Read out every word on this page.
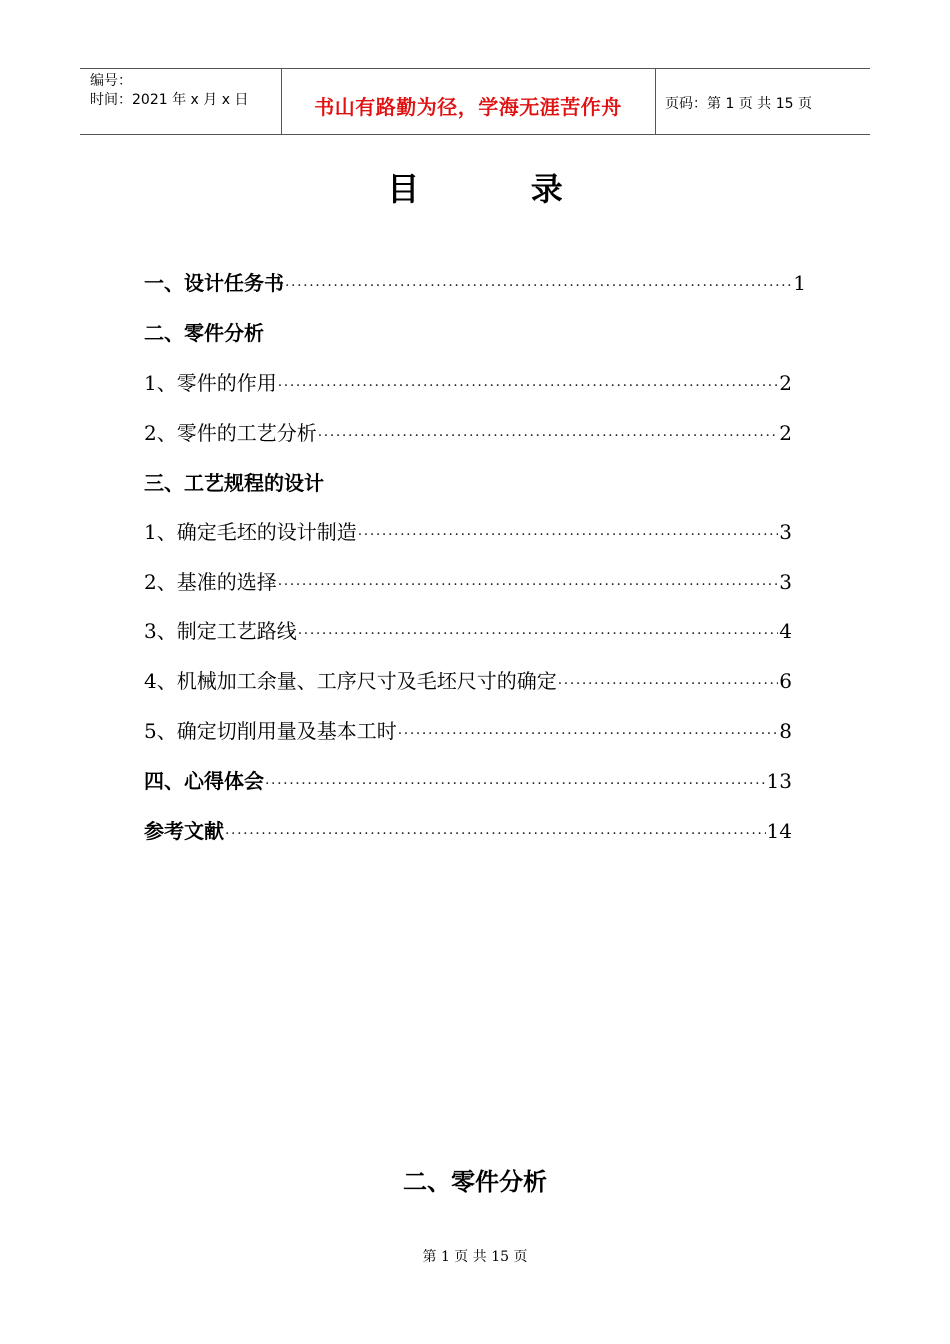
编号：
时间：2021 年 x 月 x 日	书山有路勤为径，学海无涯苦作舟	页码：第 1 页 共 15 页
目          录
一、设计任务书 ·····	1
二、零件分析
1、零件的作用 ·····	2
2、零件的工艺分析 ·····	2
三、工艺规程的设计
1、确定毛坯的设计制造 ·····	3
2、基准的选择 ·····	3
3、制定工艺路线 ·····	4
4、机械加工余量、工序尺寸及毛坯尺寸的确定 ·····	6
5、确定切削用量及基本工时 ·····	8
四、心得体会 ·····	13
参考文献 ·····	14
二、零件分析
第 1 页 共 15 页
